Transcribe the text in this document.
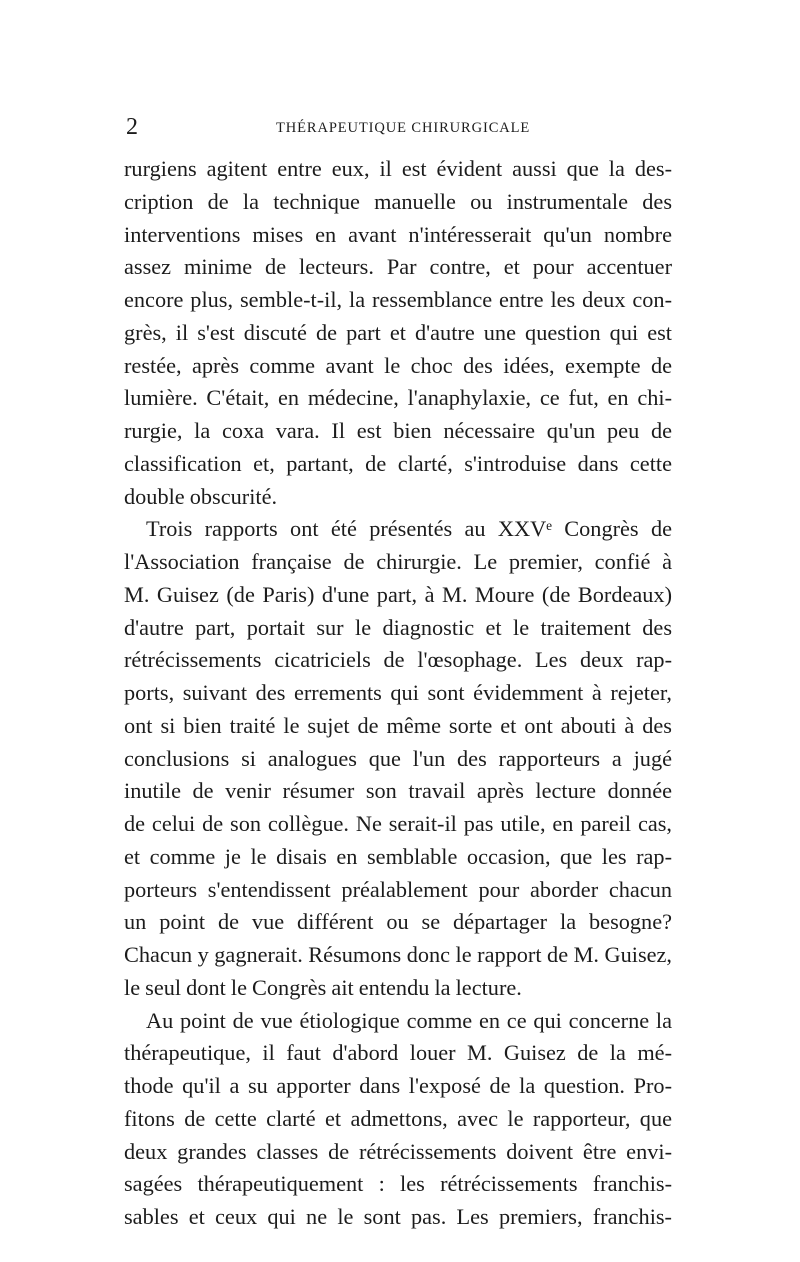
2	THÉRAPEUTIQUE CHIRURGICALE
rurgiens agitent entre eux, il est évident aussi que la des-
cription de la technique manuelle ou instrumentale des
interventions mises en avant n'intéresserait qu'un nombre
assez minime de lecteurs. Par contre, et pour accentuer
encore plus, semble-t-il, la ressemblance entre les deux con-
grès, il s'est discuté de part et d'autre une question qui est
restée, après comme avant le choc des idées, exempte de
lumière. C'était, en médecine, l'anaphylaxie, ce fut, en chi-
rurgie, la coxa vara. Il est bien nécessaire qu'un peu de
classification et, partant, de clarté, s'introduise dans cette
double obscurité.
Trois rapports ont été présentés au XXVᵉ Congrès de
l'Association française de chirurgie. Le premier, confié à
M. Guisez (de Paris) d'une part, à M. Moure (de Bordeaux)
d'autre part, portait sur le diagnostic et le traitement des
rétrécissements cicatriciels de l'œsophage. Les deux rap-
ports, suivant des errements qui sont évidemment à rejeter,
ont si bien traité le sujet de même sorte et ont abouti à des
conclusions si analogues que l'un des rapporteurs a jugé
inutile de venir résumer son travail après lecture donnée
de celui de son collègue. Ne serait-il pas utile, en pareil cas,
et comme je le disais en semblable occasion, que les rap-
porteurs s'entendissent préalablement pour aborder chacun
un point de vue différent ou se départager la besogne?
Chacun y gagnerait. Résumons donc le rapport de M. Guisez,
le seul dont le Congrès ait entendu la lecture.
Au point de vue étiologique comme en ce qui concerne la
thérapeutique, il faut d'abord louer M. Guisez de la mé-
thode qu'il a su apporter dans l'exposé de la question. Pro-
fitons de cette clarté et admettons, avec le rapporteur, que
deux grandes classes de rétrécissements doivent être envi-
sagées thérapeutiquement : les rétrécissements franchis-
sables et ceux qui ne le sont pas. Les premiers, franchis-
